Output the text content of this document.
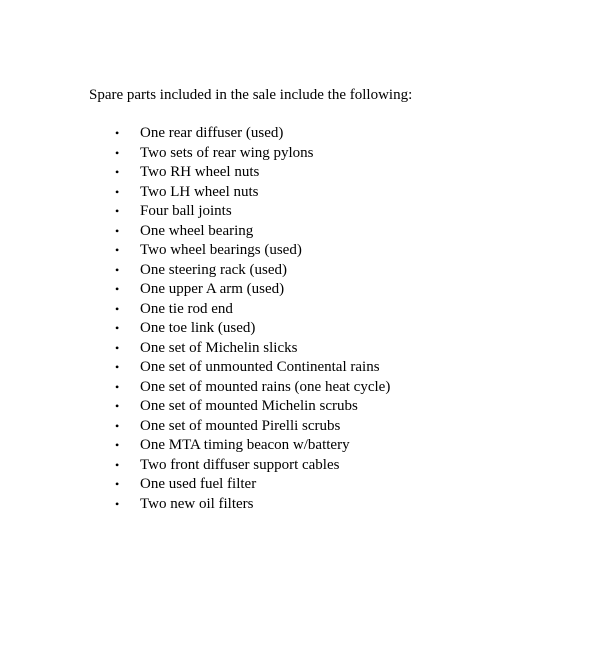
Spare parts included in the sale include the following:

• One rear diffuser (used)
• Two sets of rear wing pylons
• Two RH wheel nuts
• Two LH wheel nuts
• Four ball joints
• One wheel bearing
• Two wheel bearings (used)
• One steering rack (used)
• One upper A arm (used)
• One tie rod end
• One toe link (used)
• One set of Michelin slicks
• One set of unmounted Continental rains
• One set of mounted rains (one heat cycle)
• One set of mounted Michelin scrubs
• One set of mounted Pirelli scrubs
• One MTA timing beacon w/battery
• Two front diffuser support cables
• One used fuel filter
• Two new oil filters
